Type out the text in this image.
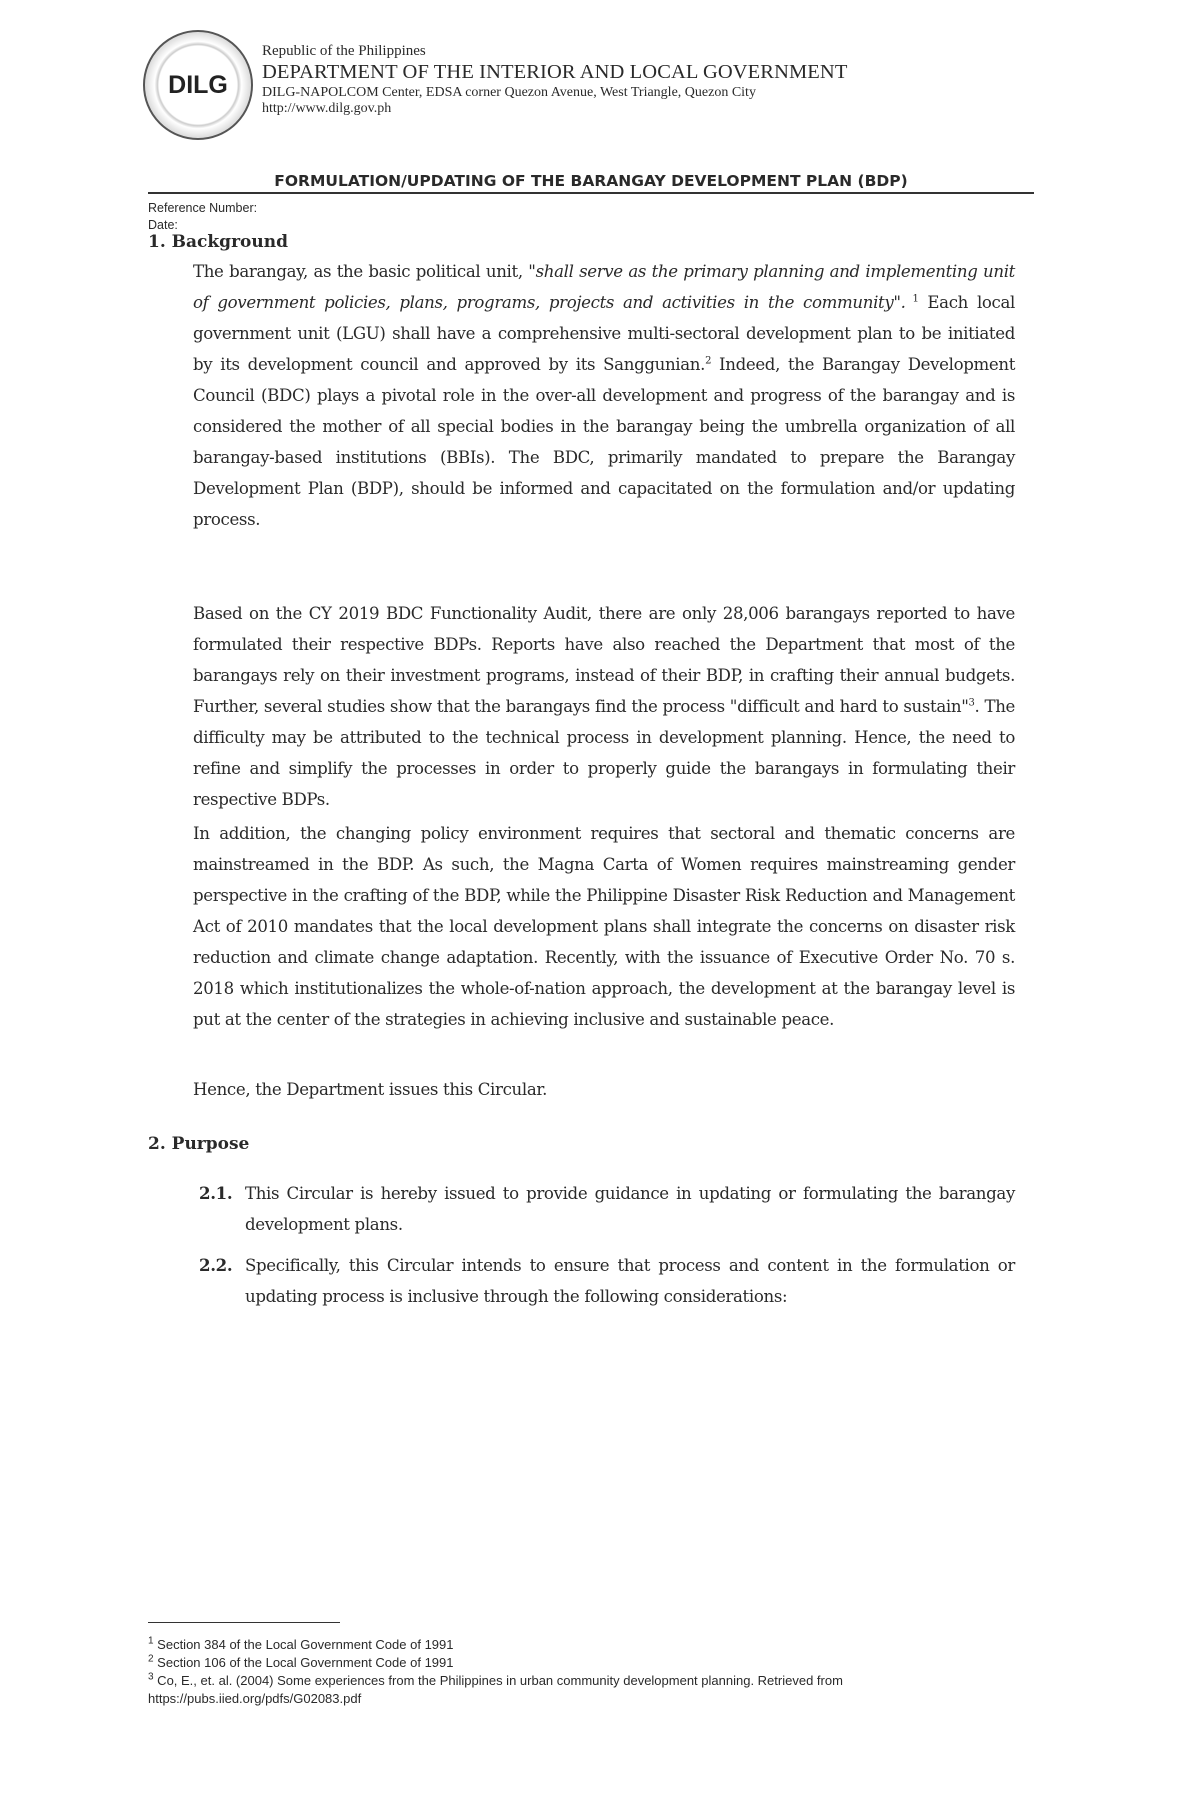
DILG
Republic of the Philippines
DEPARTMENT OF THE INTERIOR AND LOCAL GOVERNMENT
DILG-NAPOLCOM Center, EDSA corner Quezon Avenue, West Triangle, Quezon City
http://www.dilg.gov.ph
FORMULATION/UPDATING OF THE BARANGAY DEVELOPMENT PLAN (BDP)
Reference Number:
Date:
1. Background
The barangay, as the basic political unit, "shall serve as the primary planning and implementing unit of government policies, plans, programs, projects and activities in the community". $^1$ Each local government unit (LGU) shall have a comprehensive multi-sectoral development plan to be initiated by its development council and approved by its Sanggunian.$^2$ Indeed, the Barangay Development Council (BDC) plays a pivotal role in the over-all development and progress of the barangay and is considered the mother of all special bodies in the barangay being the umbrella organization of all barangay-based institutions (BBIs). The BDC, primarily mandated to prepare the Barangay Development Plan (BDP), should be informed and capacitated on the formulation and/or updating process.
Based on the CY 2019 BDC Functionality Audit, there are only 28,006 barangays reported to have formulated their respective BDPs. Reports have also reached the Department that most of the barangays rely on their investment programs, instead of their BDP, in crafting their annual budgets. Further, several studies show that the barangays find the process "difficult and hard to sustain"$^3$. The difficulty may be attributed to the technical process in development planning. Hence, the need to refine and simplify the processes in order to properly guide the barangays in formulating their respective BDPs.
In addition, the changing policy environment requires that sectoral and thematic concerns are mainstreamed in the BDP. As such, the Magna Carta of Women requires mainstreaming gender perspective in the crafting of the BDP, while the Philippine Disaster Risk Reduction and Management Act of 2010 mandates that the local development plans shall integrate the concerns on disaster risk reduction and climate change adaptation. Recently, with the issuance of Executive Order No. 70 s. 2018 which institutionalizes the whole-of-nation approach, the development at the barangay level is put at the center of the strategies in achieving inclusive and sustainable peace.
Hence, the Department issues this Circular.
2. Purpose
2.1. This Circular is hereby issued to provide guidance in updating or formulating the barangay development plans.
2.2. Specifically, this Circular intends to ensure that process and content in the formulation or updating process is inclusive through the following considerations:
$^1$ Section 384 of the Local Government Code of 1991
$^2$ Section 106 of the Local Government Code of 1991
$^3$ Co, E., et. al. (2004) Some experiences from the Philippines in urban community development planning. Retrieved from https://pubs.iied.org/pdfs/G02083.pdf
